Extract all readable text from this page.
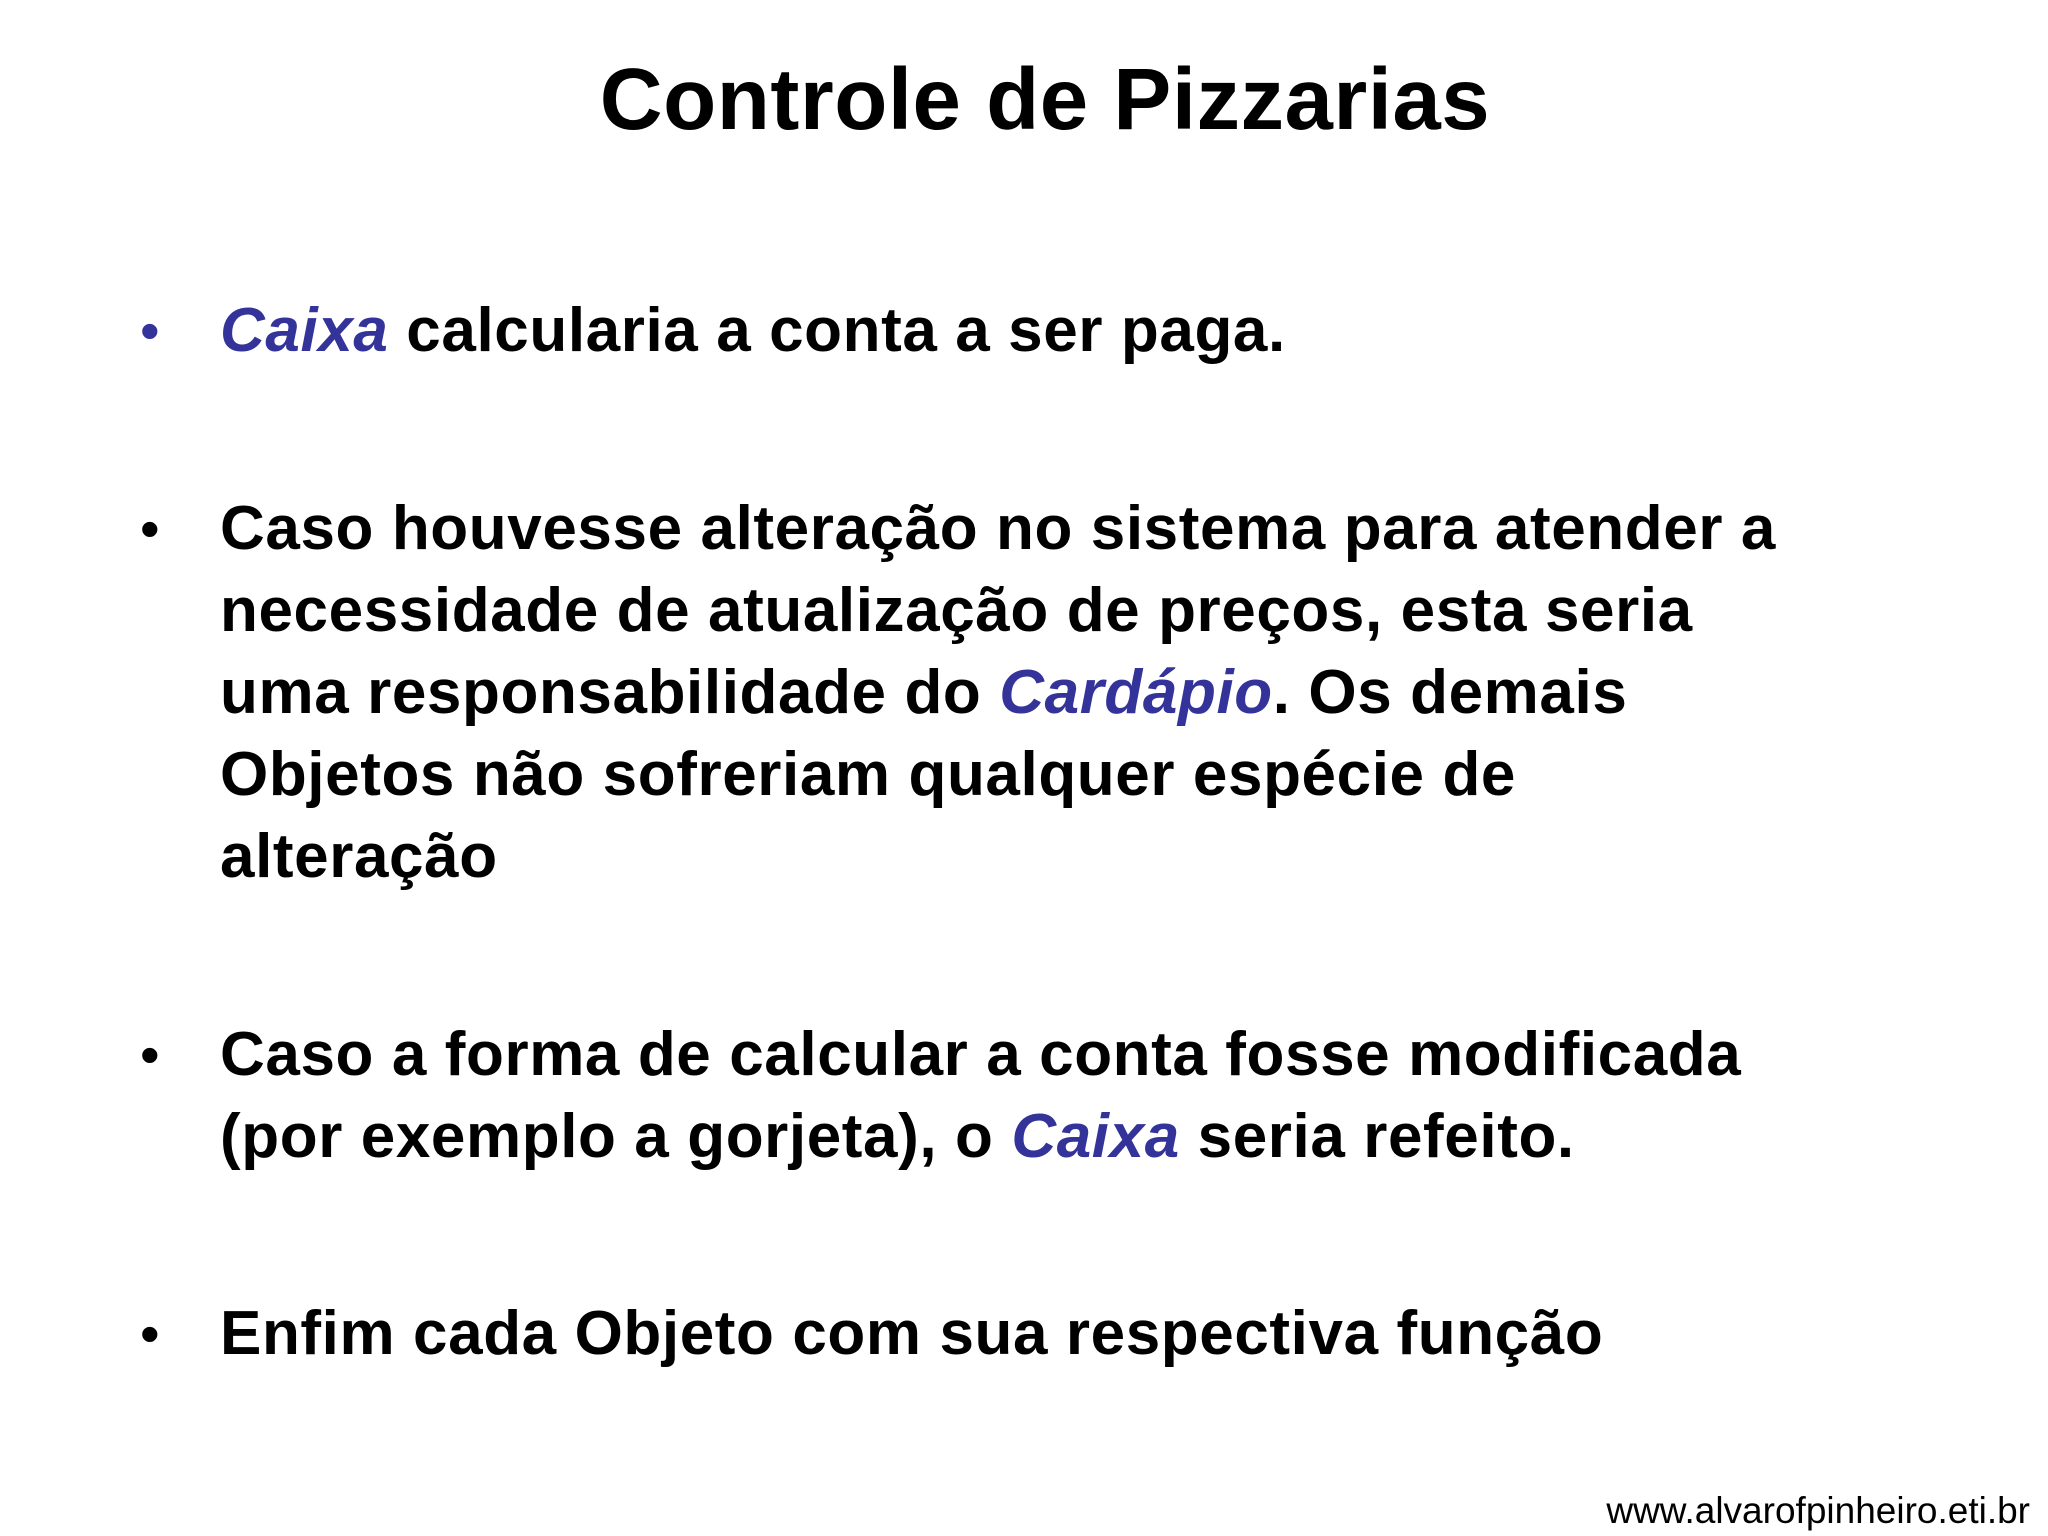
Controle de Pizzarias
• Caixa calcularia a conta a ser paga.
• Caso houvesse alteração no sistema para atender a
necessidade de atualização de preços, esta seria
uma responsabilidade do Cardápio. Os demais
Objetos não sofreriam qualquer espécie de
alteração
• Caso a forma de calcular a conta fosse modificada
(por exemplo a gorjeta), o Caixa seria refeito.
• Enfim cada Objeto com sua respectiva função
www.alvarofpinheiro.eti.br
